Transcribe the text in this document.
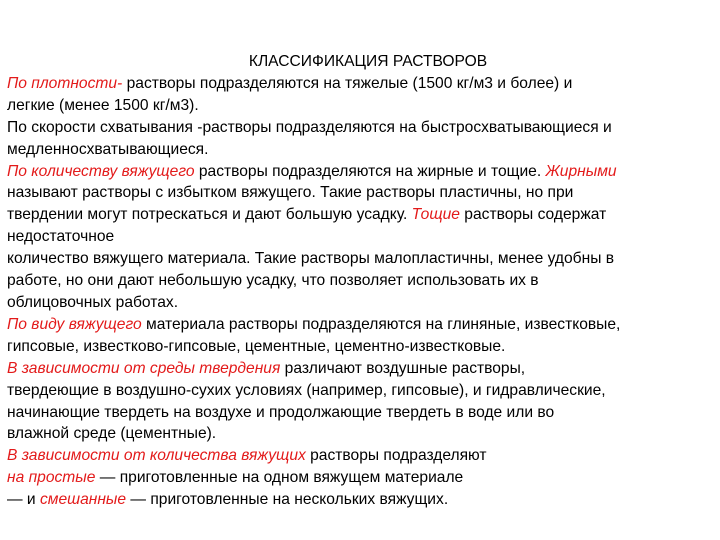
КЛАССИФИКАЦИЯ РАСТВОРОВ

По плотности- растворы подразделяются на тяжелые (1500 кг/м3 и более) и

легкие (менее 1500 кг/м3).

По скорости схватывания -растворы подразделяются на быстросхватывающиеся и

медленносхватывающиеся.

По количеству вяжущего растворы подразделяются на жирные и тощие. Жирными

называют растворы с избытком вяжущего. Такие растворы пластичны, но при

твердении могут потрескаться и дают большую усадку. Тощие растворы содержат

недостаточное

количество вяжущего материала. Такие растворы малопластичны, менее удобны в

работе, но они дают небольшую усадку, что позволяет использовать их в

облицовочных работах.

По виду вяжущего материала растворы подразделяются на глиняные, известковые,

гипсовые, известково-гипсовые, цементные, цементно-известковые.

В зависимости от среды твердения различают воздушные растворы,

твердеющие в воздушно-сухих условиях (например, гипсовые), и гидравлические,

начинающие твердеть на воздухе и продолжающие твердеть в воде или во

влажной среде (цементные).

В зависимости от количества вяжущих растворы подразделяют

на простые — приготовленные на одном вяжущем материале

— и смешанные — приготовленные на нескольких вяжущих.
